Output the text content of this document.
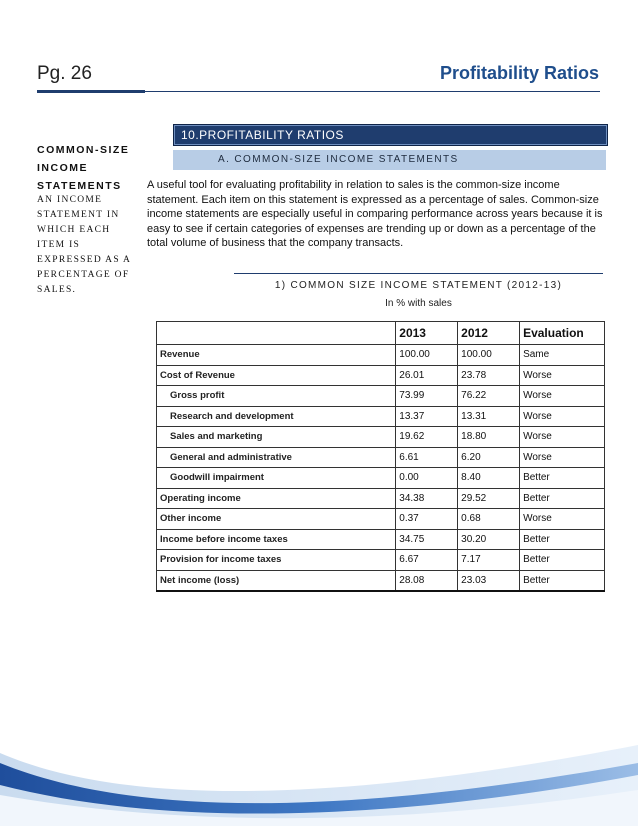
Pg. 26	Profitability Ratios
COMMON-SIZE INCOME STATEMENTS
AN INCOME STATEMENT IN WHICH EACH ITEM IS EXPRESSED AS A PERCENTAGE OF SALES.
10.PROFITABILITY RATIOS
A. COMMON-SIZE INCOME STATEMENTS
A useful tool for evaluating profitability in relation to sales is the common-size income statement. Each item on this statement is expressed as a percentage of sales. Common-size income statements are especially useful in comparing performance across years because it is easy to see if certain categories of expenses are trending up or down as a percentage of the total volume of business that the company transacts.
1) COMMON SIZE INCOME STATEMENT (2012-13)
In % with sales
	2013	2012	Evaluation
Revenue	100.00	100.00	Same
Cost of Revenue	26.01	23.78	Worse
Gross profit	73.99	76.22	Worse
Research and development	13.37	13.31	Worse
Sales and marketing	19.62	18.80	Worse
General and administrative	6.61	6.20	Worse
Goodwill impairment	0.00	8.40	Better
Operating income	34.38	29.52	Better
Other income	0.37	0.68	Worse
Income before income taxes	34.75	30.20	Better
Provision for income taxes	6.67	7.17	Better
Net income (loss)	28.08	23.03	Better
